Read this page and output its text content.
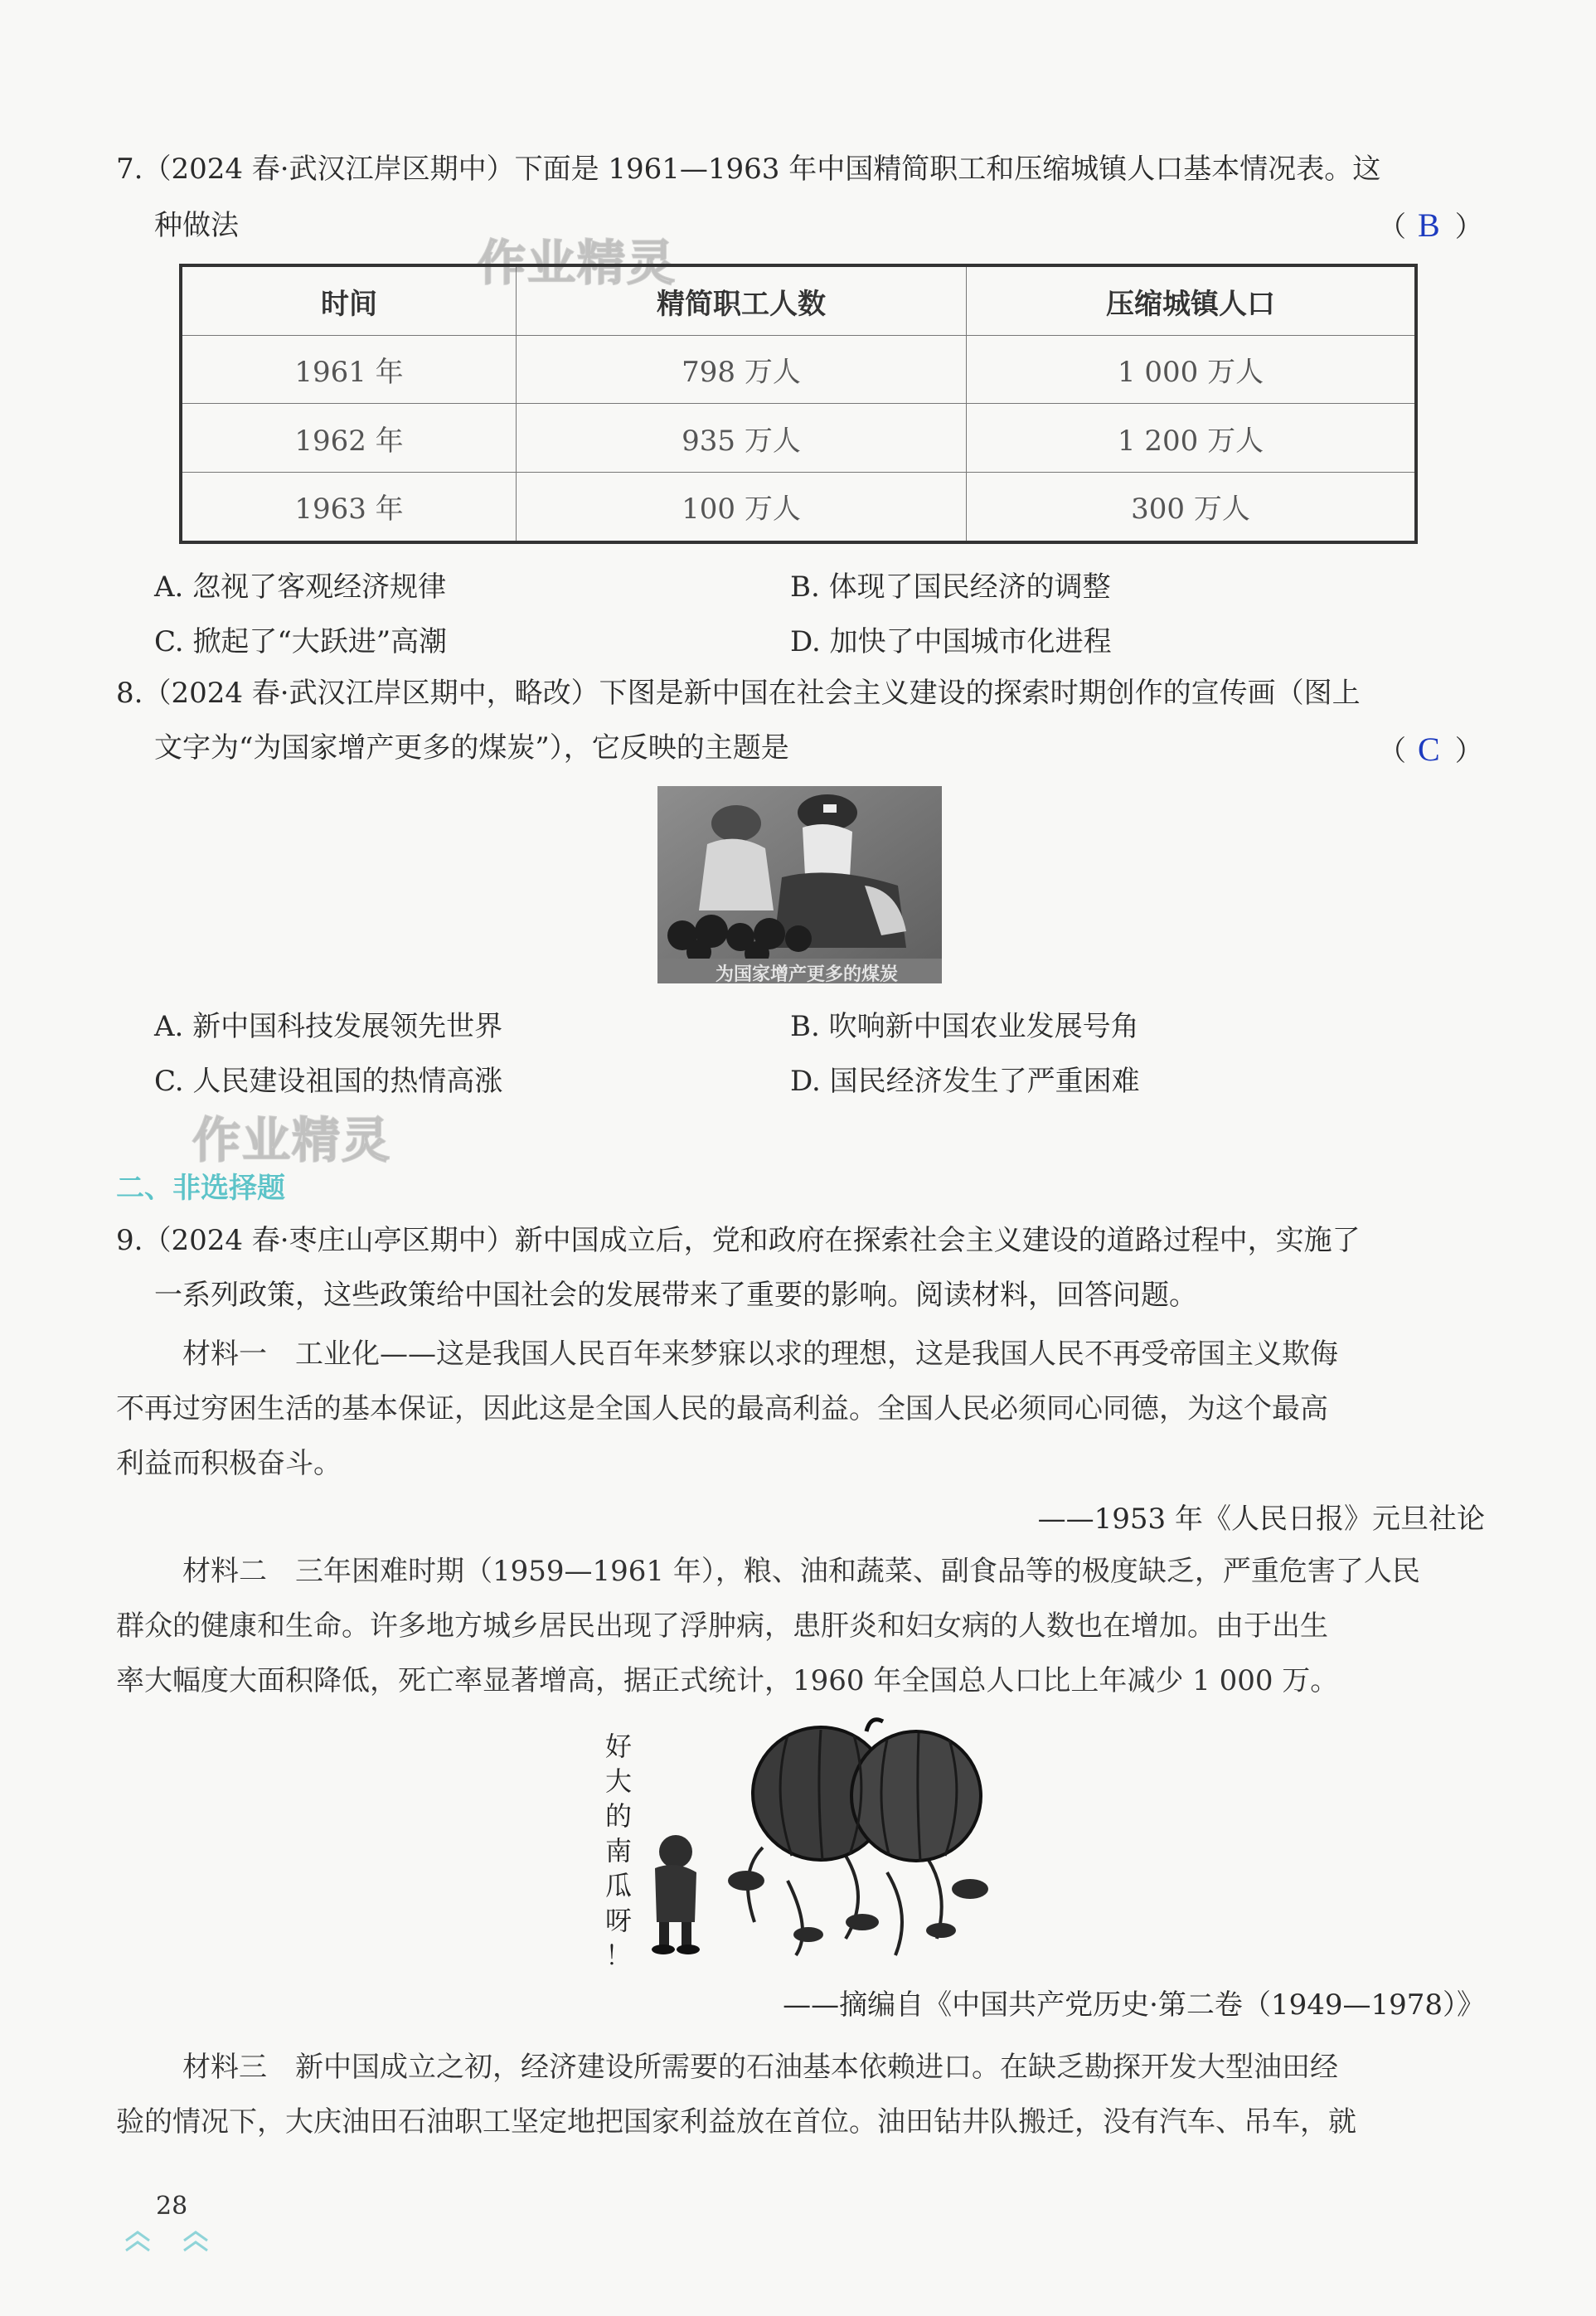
7.（2024 春·武汉江岸区期中）下面是 1961—1963 年中国精简职工和压缩城镇人口基本情况表。这
种做法	（ B ）
作业精灵
时间	精简职工人数	压缩城镇人口
1961 年	798 万人	1 000 万人
1962 年	935 万人	1 200 万人
1963 年	100 万人	300 万人
A. 忽视了客观经济规律	B. 体现了国民经济的调整
C. 掀起了“大跃进”高潮	D. 加快了中国城市化进程
8.（2024 春·武汉江岸区期中，略改）下图是新中国在社会主义建设的探索时期创作的宣传画（图上
文字为“为国家增产更多的煤炭”），它反映的主题是	（ C ）
为国家增产更多的煤炭
A. 新中国科技发展领先世界	B. 吹响新中国农业发展号角
C. 人民建设祖国的热情高涨	D. 国民经济发生了严重困难
作业精灵
二、非选择题
9.（2024 春·枣庄山亭区期中）新中国成立后，党和政府在探索社会主义建设的道路过程中，实施了
一系列政策，这些政策给中国社会的发展带来了重要的影响。阅读材料，回答问题。
材料一　工业化——这是我国人民百年来梦寐以求的理想，这是我国人民不再受帝国主义欺侮
不再过穷困生活的基本保证，因此这是全国人民的最高利益。全国人民必须同心同德，为这个最高
利益而积极奋斗。
——1953 年《人民日报》元旦社论
材料二　三年困难时期（1959—1961 年），粮、油和蔬菜、副食品等的极度缺乏，严重危害了人民
群众的健康和生命。许多地方城乡居民出现了浮肿病，患肝炎和妇女病的人数也在增加。由于出生
率大幅度大面积降低，死亡率显著增高，据正式统计，1960 年全国总人口比上年减少 1 000 万。
好
大
的
南
瓜
呀
！
——摘编自《中国共产党历史·第二卷（1949—1978）》
材料三　新中国成立之初，经济建设所需要的石油基本依赖进口。在缺乏勘探开发大型油田经
验的情况下，大庆油田石油职工坚定地把国家利益放在首位。油田钻井队搬迁，没有汽车、吊车，就
28
